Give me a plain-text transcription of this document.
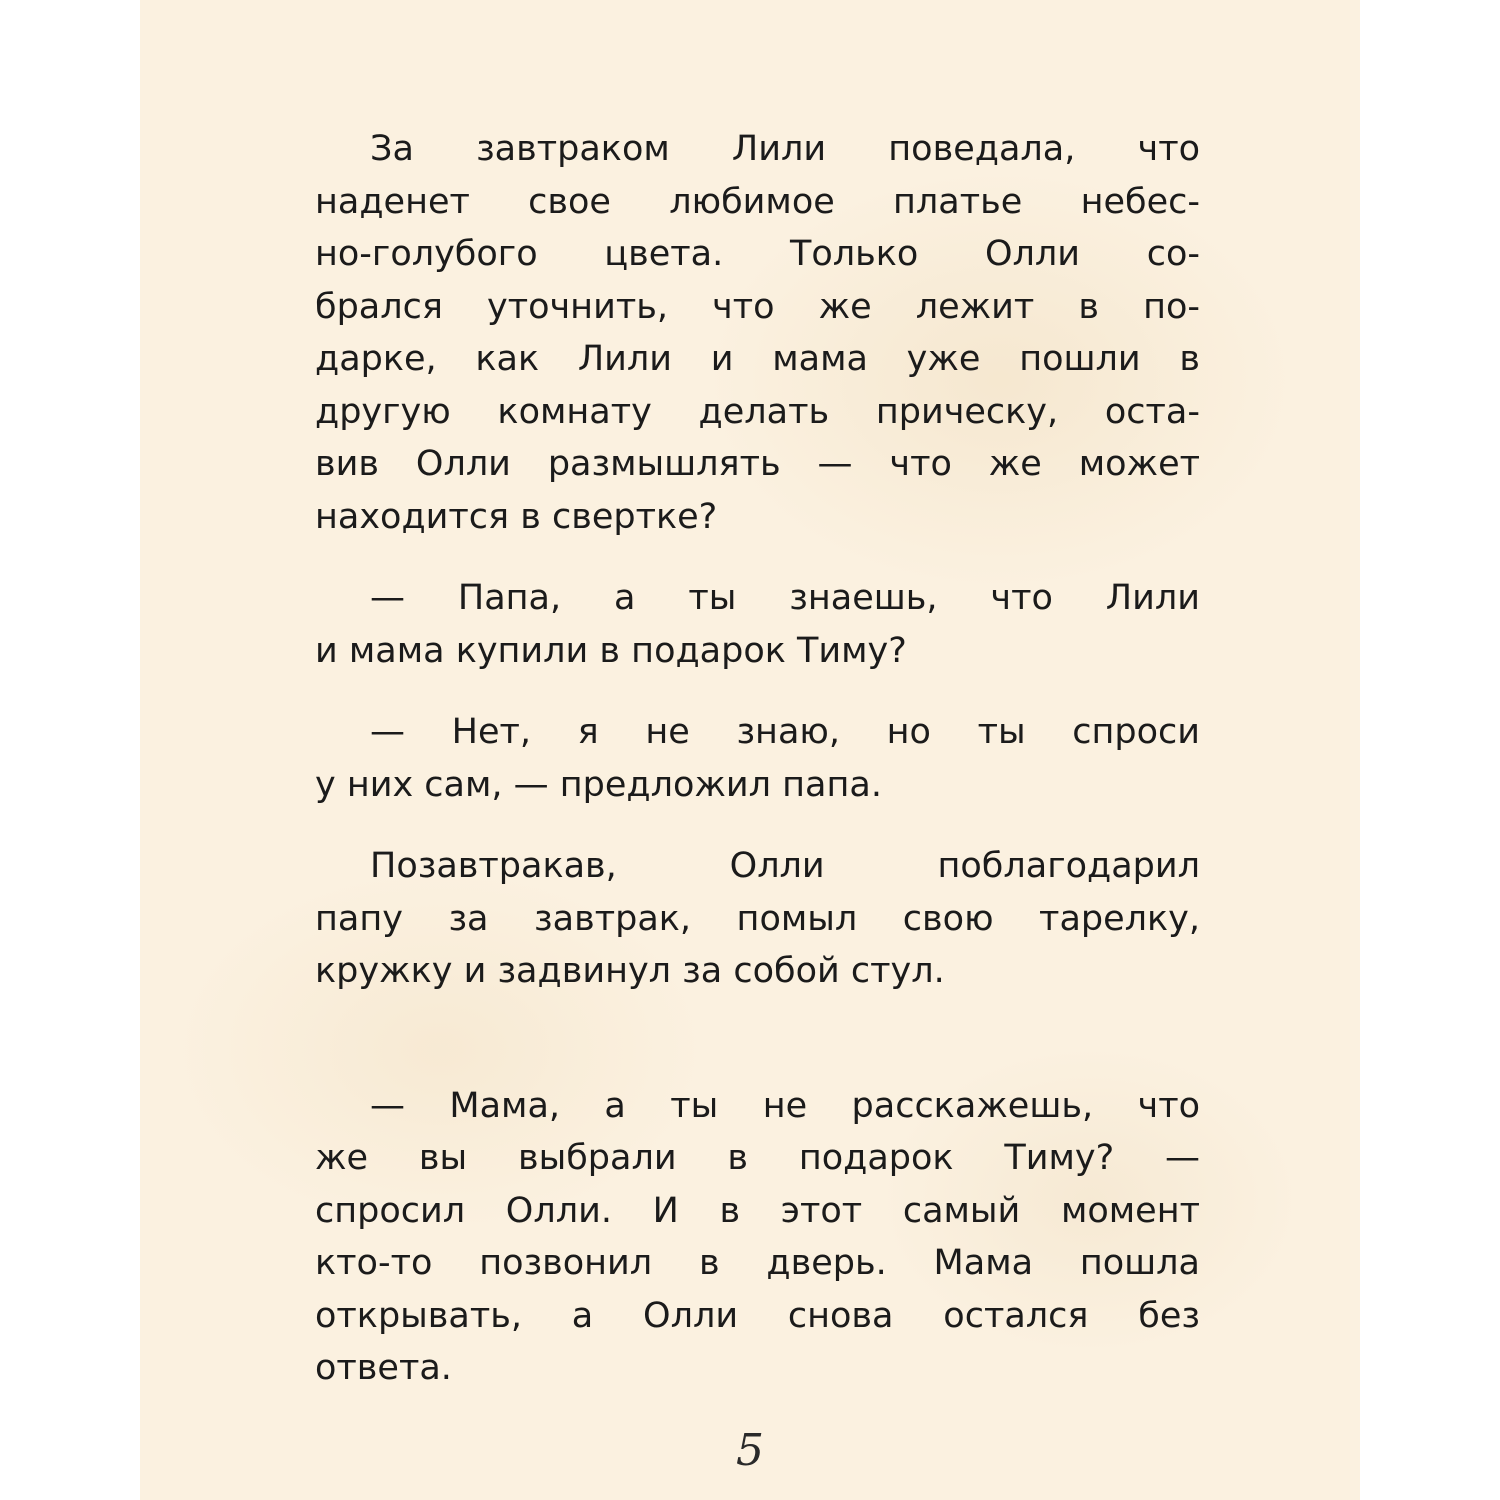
За завтраком Лили поведала, что
наденет свое любимое платье небес-
но-голубого цвета. Только Олли со-
брался уточнить, что же лежит в по-
дарке, как Лили и мама уже пошли в
другую комнату делать прическу, оста-
вив Олли размышлять — что же может
находится в свертке?
— Папа, а ты знаешь, что Лили
и мама купили в подарок Тиму?
— Нет, я не знаю, но ты спроси
у них сам, — предложил папа.
Позавтракав, Олли поблагодарил
папу за завтрак, помыл свою тарелку,
кружку и задвинул за собой стул.
— Мама, а ты не расскажешь, что
же вы выбрали в подарок Тиму? —
спросил Олли. И в этот самый момент
кто-то позвонил в дверь. Мама пошла
открывать, а Олли снова остался без
ответа.
5
